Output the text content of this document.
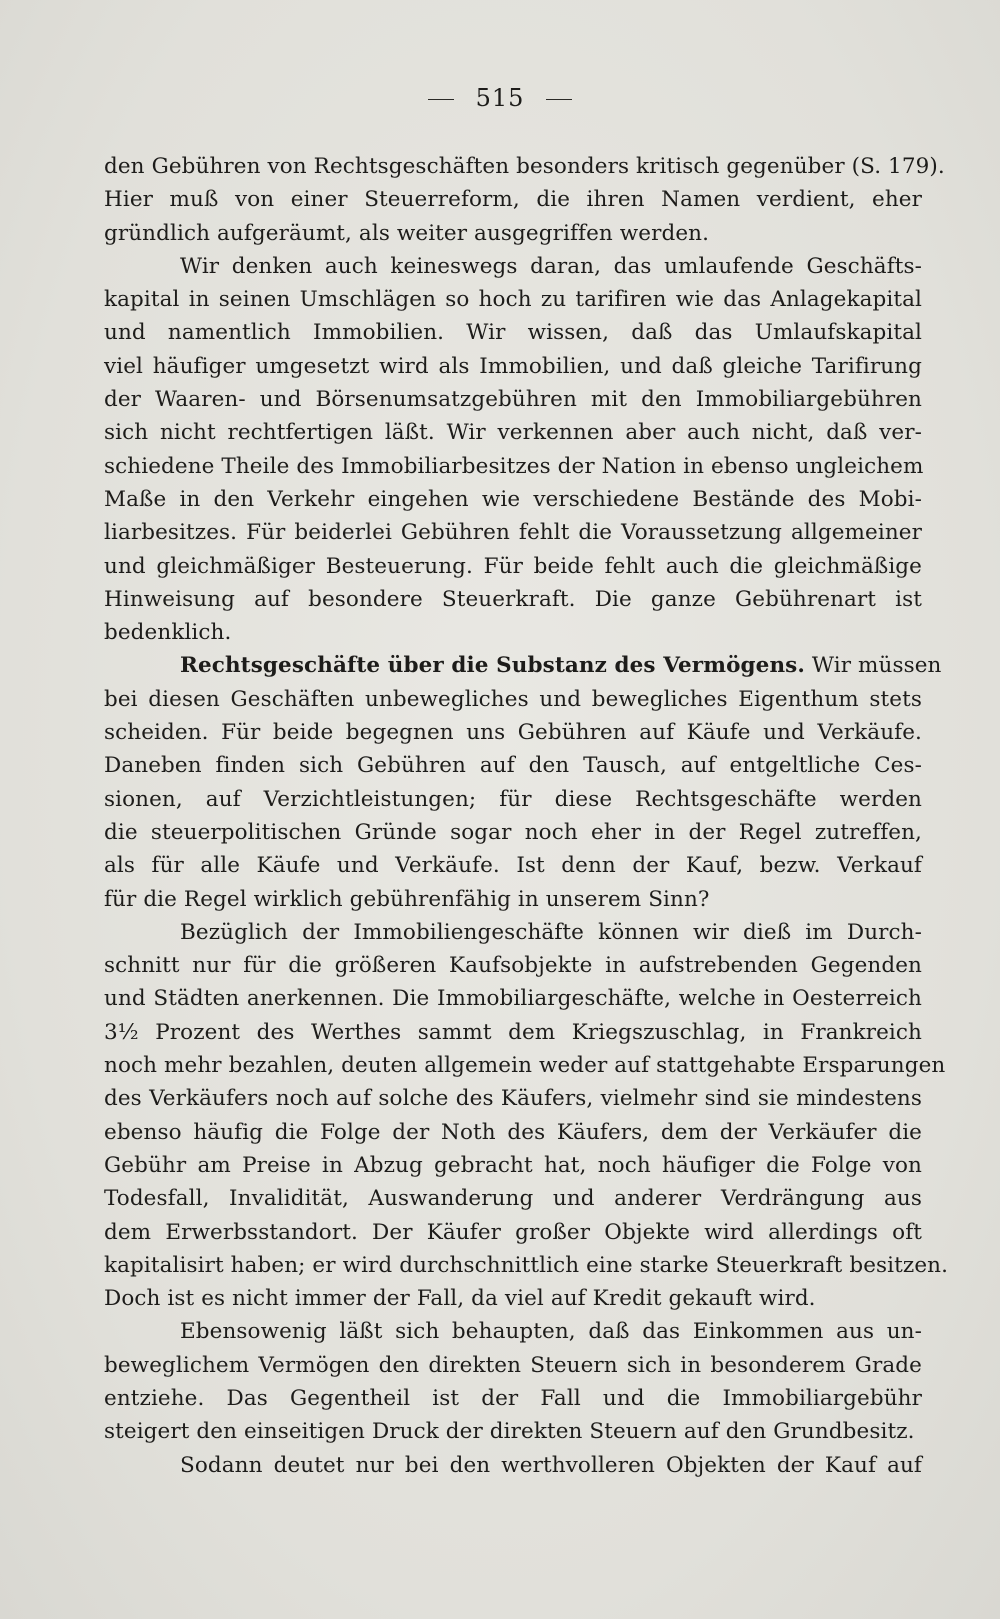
515
den Gebühren von Rechtsgeschäften besonders kritisch gegenüber (S. 179).
Hier muß von einer Steuerreform, die ihren Namen verdient, eher
gründlich aufgeräumt, als weiter ausgegriffen werden.
Wir denken auch keineswegs daran, das umlaufende Geschäfts-
kapital in seinen Umschlägen so hoch zu tarifiren wie das Anlagekapital
und namentlich Immobilien. Wir wissen, daß das Umlaufskapital
viel häufiger umgesetzt wird als Immobilien, und daß gleiche Tarifirung
der Waaren- und Börsenumsatzgebühren mit den Immobiliargebühren
sich nicht rechtfertigen läßt. Wir verkennen aber auch nicht, daß ver-
schiedene Theile des Immobiliarbesitzes der Nation in ebenso ungleichem
Maße in den Verkehr eingehen wie verschiedene Bestände des Mobi-
liarbesitzes. Für beiderlei Gebühren fehlt die Voraussetzung allgemeiner
und gleichmäßiger Besteuerung. Für beide fehlt auch die gleichmäßige
Hinweisung auf besondere Steuerkraft. Die ganze Gebührenart ist
bedenklich.
Rechtsgeschäfte über die Substanz des Vermögens. Wir müssen
bei diesen Geschäften unbewegliches und bewegliches Eigenthum stets
scheiden. Für beide begegnen uns Gebühren auf Käufe und Verkäufe.
Daneben finden sich Gebühren auf den Tausch, auf entgeltliche Ces-
sionen, auf Verzichtleistungen; für diese Rechtsgeschäfte werden
die steuerpolitischen Gründe sogar noch eher in der Regel zutreffen,
als für alle Käufe und Verkäufe. Ist denn der Kauf, bezw. Verkauf
für die Regel wirklich gebührenfähig in unserem Sinn?
Bezüglich der Immobiliengeschäfte können wir dieß im Durch-
schnitt nur für die größeren Kaufsobjekte in aufstrebenden Gegenden
und Städten anerkennen. Die Immobiliargeschäfte, welche in Oesterreich
3½ Prozent des Werthes sammt dem Kriegszuschlag, in Frankreich
noch mehr bezahlen, deuten allgemein weder auf stattgehabte Ersparungen
des Verkäufers noch auf solche des Käufers, vielmehr sind sie mindestens
ebenso häufig die Folge der Noth des Käufers, dem der Verkäufer die
Gebühr am Preise in Abzug gebracht hat, noch häufiger die Folge von
Todesfall, Invalidität, Auswanderung und anderer Verdrängung aus
dem Erwerbsstandort. Der Käufer großer Objekte wird allerdings oft
kapitalisirt haben; er wird durchschnittlich eine starke Steuerkraft besitzen.
Doch ist es nicht immer der Fall, da viel auf Kredit gekauft wird.
Ebensowenig läßt sich behaupten, daß das Einkommen aus un-
beweglichem Vermögen den direkten Steuern sich in besonderem Grade
entziehe. Das Gegentheil ist der Fall und die Immobiliargebühr
steigert den einseitigen Druck der direkten Steuern auf den Grundbesitz.
Sodann deutet nur bei den werthvolleren Objekten der Kauf auf
